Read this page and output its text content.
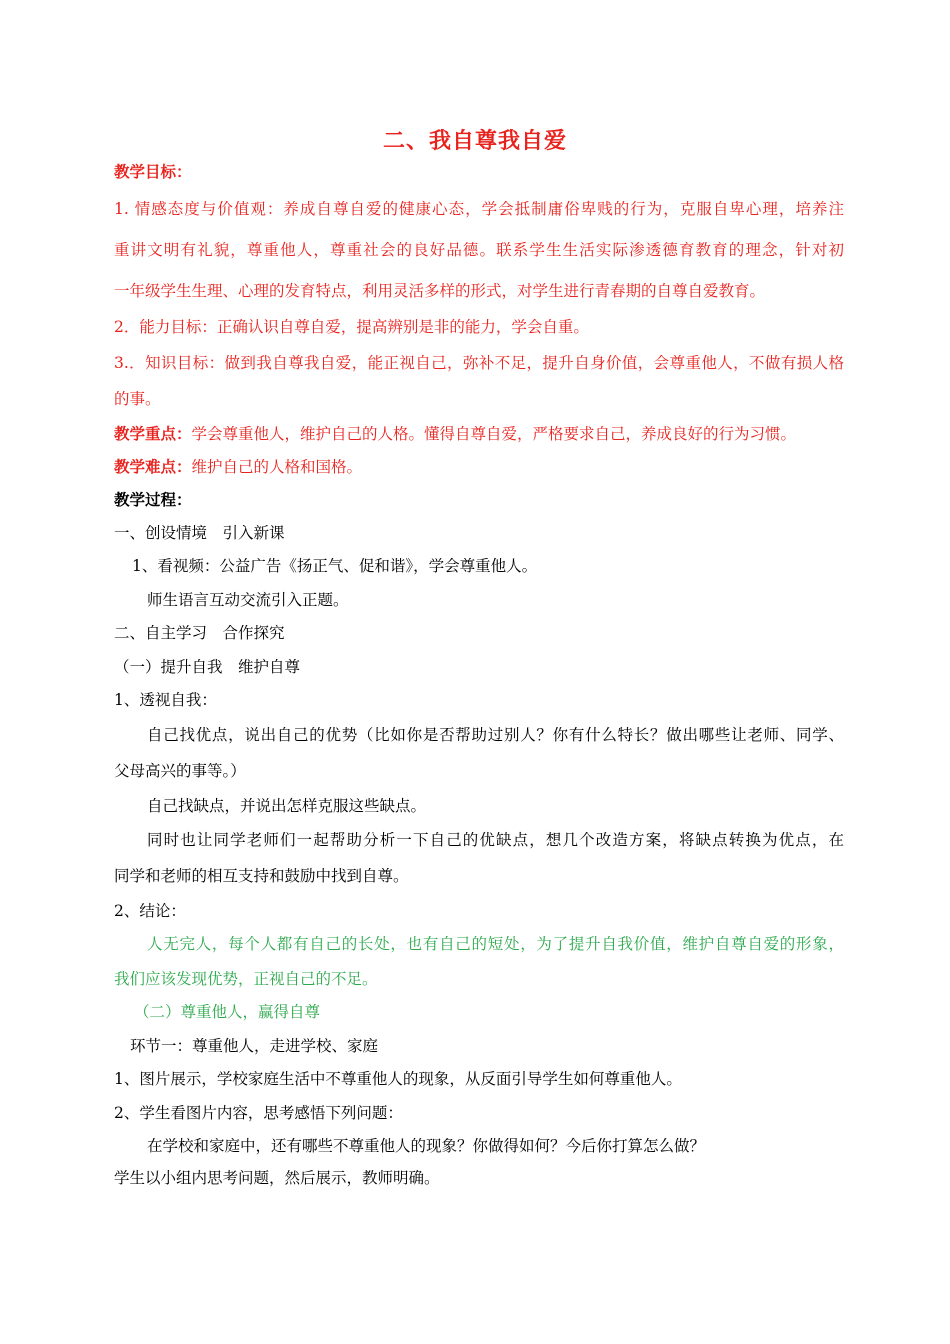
二、我自尊我自爱
教学目标：
1. 情感态度与价值观：养成自尊自爱的健康心态，学会抵制庸俗卑贱的行为，克服自卑心理，培养注
重讲文明有礼貌，尊重他人，尊重社会的良好品德。联系学生生活实际渗透德育教育的理念，针对初
一年级学生生理、心理的发育特点，利用灵活多样的形式，对学生进行青春期的自尊自爱教育。
2．能力目标：正确认识自尊自爱，提高辨别是非的能力，学会自重。
3.．知识目标：做到我自尊我自爱，能正视自己，弥补不足，提升自身价值，会尊重他人，不做有损人格
的事。
教学重点：学会尊重他人，维护自己的人格。懂得自尊自爱，严格要求自己，养成良好的行为习惯。
教学难点：维护自己的人格和国格。
教学过程：
一、创设情境　引入新课
1、看视频：公益广告《扬正气、促和谐》，学会尊重他人。
师生语言互动交流引入正题。
二、自主学习　合作探究
（一）提升自我　维护自尊
1、透视自我：
自己找优点，说出自己的优势（比如你是否帮助过别人？你有什么特长？做出哪些让老师、同学、
父母高兴的事等。）
自己找缺点，并说出怎样克服这些缺点。
同时也让同学老师们一起帮助分析一下自己的优缺点，想几个改造方案，将缺点转换为优点，在
同学和老师的相互支持和鼓励中找到自尊。
2、结论：
人无完人，每个人都有自己的长处，也有自己的短处，为了提升自我价值，维护自尊自爱的形象，
我们应该发现优势，正视自己的不足。
（二）尊重他人，赢得自尊
环节一：尊重他人，走进学校、家庭
1、图片展示，学校家庭生活中不尊重他人的现象，从反面引导学生如何尊重他人。
2、学生看图片内容，思考感悟下列问题：
在学校和家庭中，还有哪些不尊重他人的现象？你做得如何？今后你打算怎么做？
学生以小组内思考问题，然后展示，教师明确。
